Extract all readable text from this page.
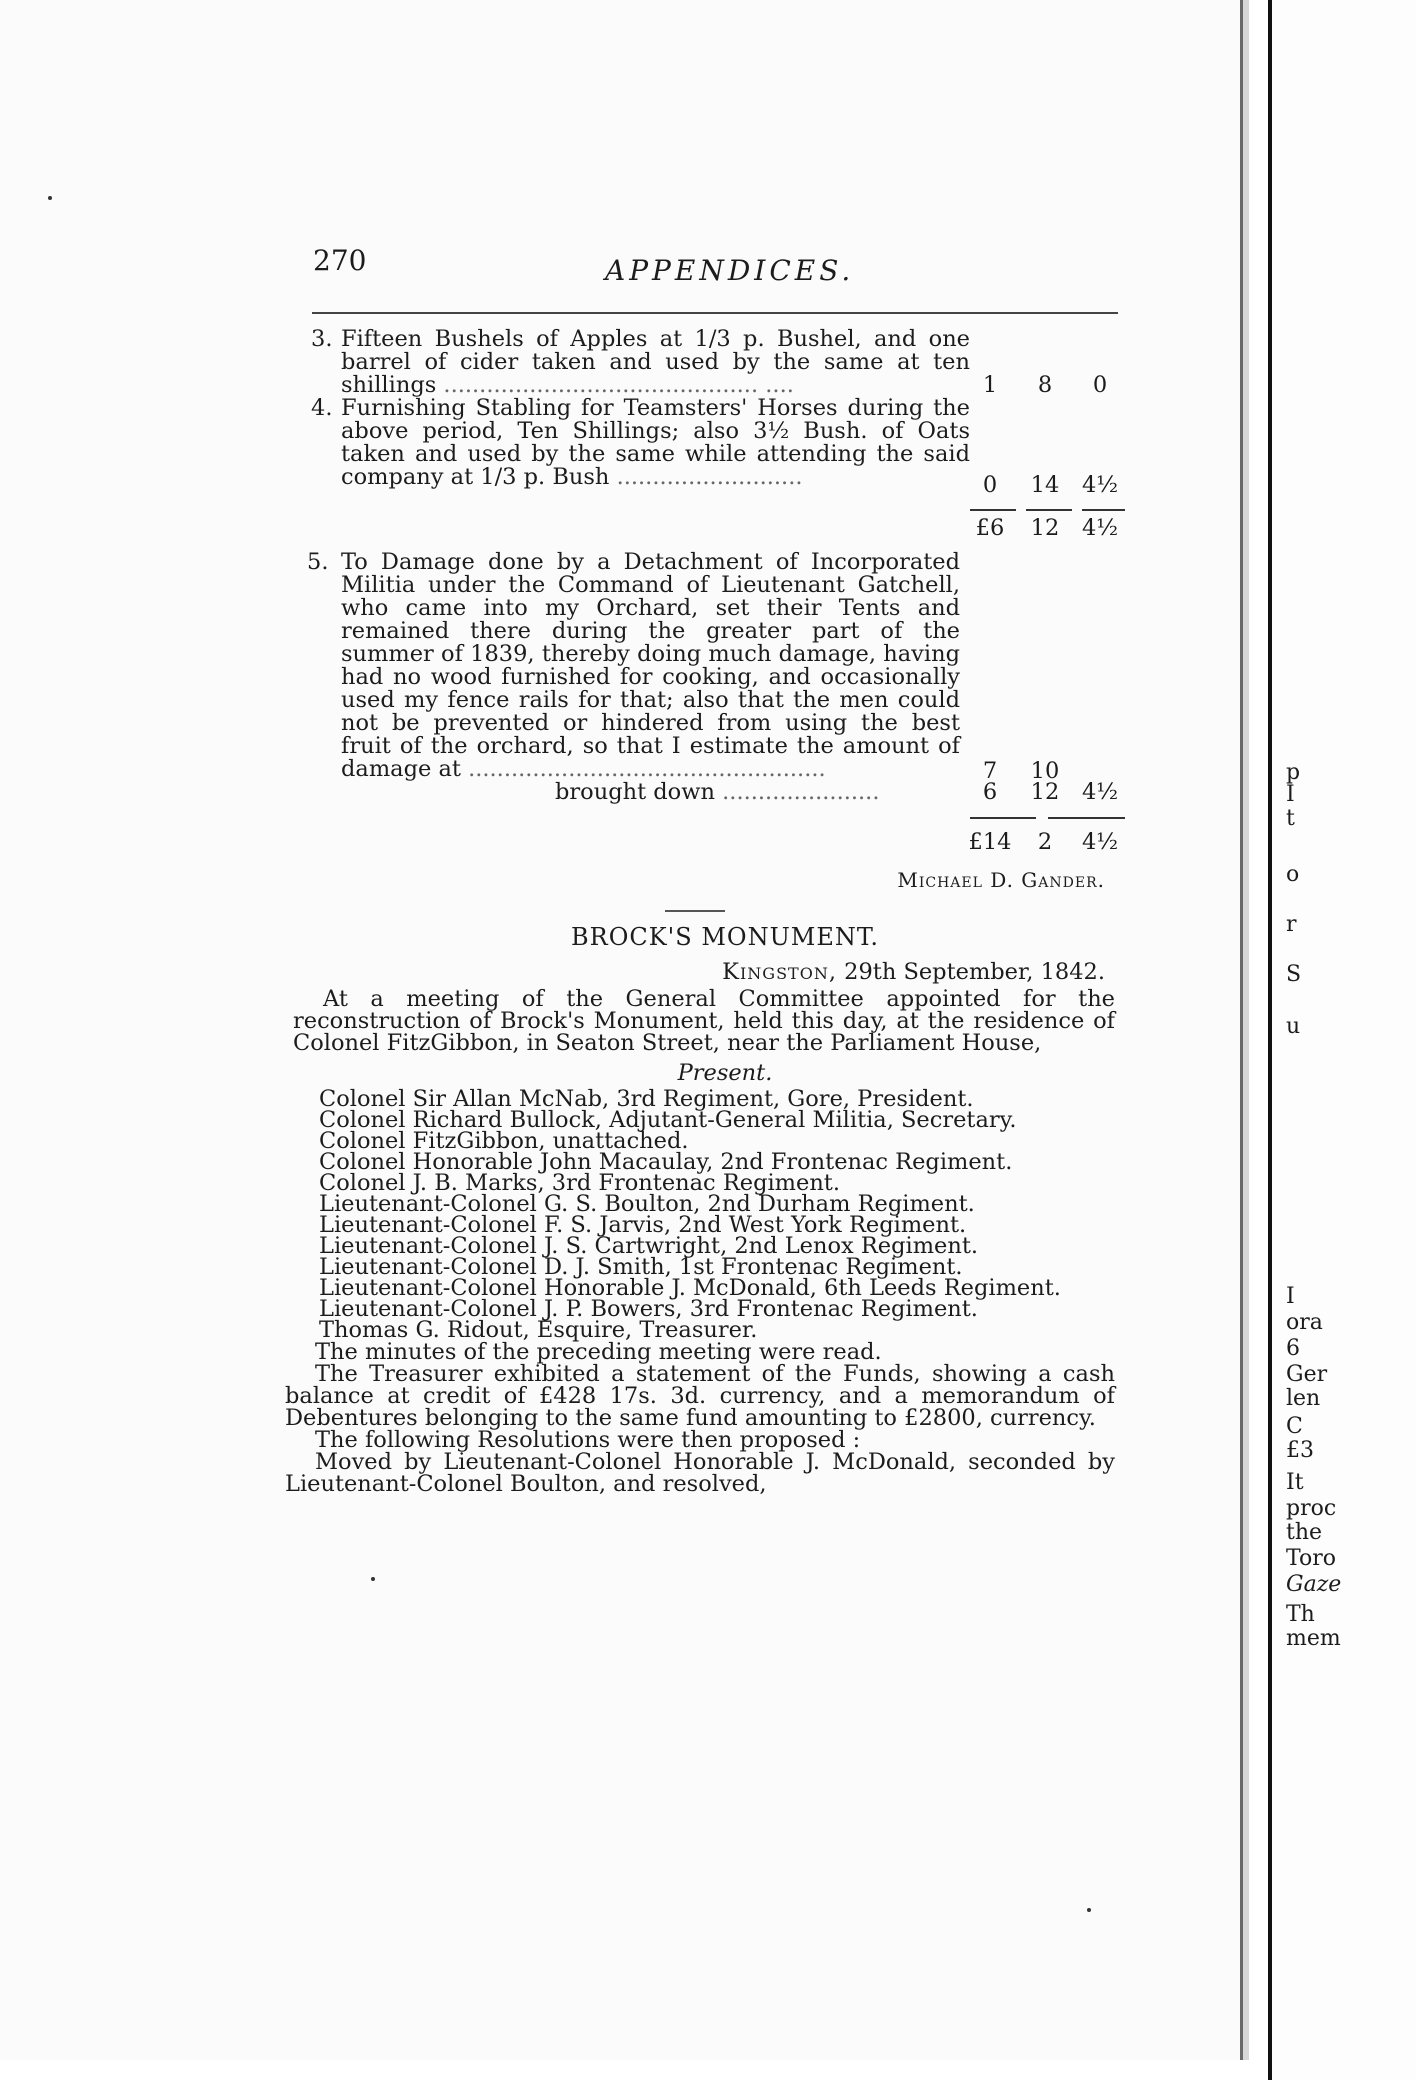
270	APPENDICES.
3. Fifteen Bushels of Apples at 1/3 p. Bushel, and one barrel of cider taken and used by the same at ten shillings ............................................ ....	1	8	0
4. Furnishing Stabling for Teamsters' Horses during the above period, Ten Shillings; also 3½ Bush. of Oats taken and used by the same while attending the said company at 1/3 p. Bush ..........................	0	14	4½
£6	12	4½
5. To Damage done by a Detachment of Incorporated Militia under the Command of Lieutenant Gatchell, who came into my Orchard, set their Tents and remained there during the greater part of the summer of 1839, thereby doing much damage, having had no wood furnished for cooking, and occasionally used my fence rails for that; also that the men could not be prevented or hindered from using the best fruit of the orchard, so that I estimate the amount of damage at ..................................................	7	10
brought down ......................	6	12	4½
£14	2	4½
Michael D. Gander.
BROCK'S MONUMENT.
Kingston, 29th September, 1842.

At a meeting of the General Committee appointed for the reconstruction of Brock's Monument, held this day, at the residence of Colonel FitzGibbon, in Seaton Street, near the Parliament House,

Present.
Colonel Sir Allan McNab, 3rd Regiment, Gore, President.
Colonel Richard Bullock, Adjutant-General Militia, Secretary.
Colonel FitzGibbon, unattached.
Colonel Honorable John Macaulay, 2nd Frontenac Regiment.
Colonel J. B. Marks, 3rd Frontenac Regiment.
Lieutenant-Colonel G. S. Boulton, 2nd Durham Regiment.
Lieutenant-Colonel F. S. Jarvis, 2nd West York Regiment.
Lieutenant-Colonel J. S. Cartwright, 2nd Lenox Regiment.
Lieutenant-Colonel D. J. Smith, 1st Frontenac Regiment.
Lieutenant-Colonel Honorable J. McDonald, 6th Leeds Regiment.
Lieutenant-Colonel J. P. Bowers, 3rd Frontenac Regiment.
Thomas G. Ridout, Esquire, Treasurer.

The minutes of the preceding meeting were read.

The Treasurer exhibited a statement of the Funds, showing a cash balance at credit of £428 17s. 3d. currency, and a memorandum of Debentures belonging to the same fund amounting to £2800, currency.

The following Resolutions were then proposed :

Moved by Lieutenant-Colonel Honorable J. McDonald, seconded by Lieutenant-Colonel Boulton, and resolved,

p
I
t
o
r
S
u
I
ora
6
Ger
len
C
£3
It
proc
the
Toro
Gaze
Th
mem
